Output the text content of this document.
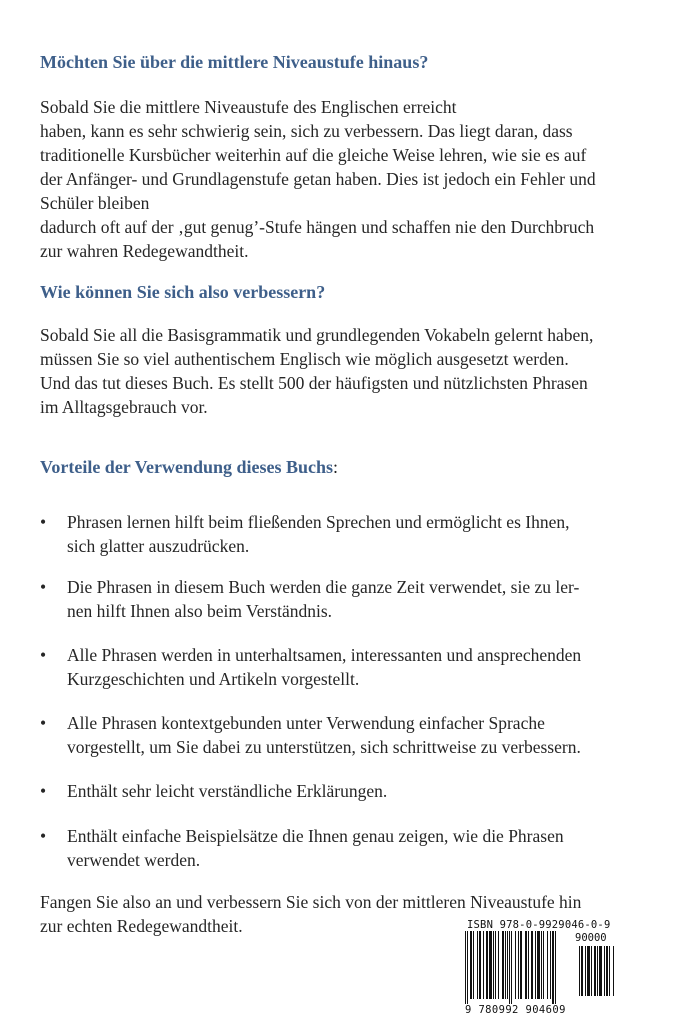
Möchten Sie über die mittlere Niveaustufe hinaus?
Sobald Sie die mittlere Niveaustufe des Englischen erreicht
haben, kann es sehr schwierig sein, sich zu verbessern. Das liegt daran, dass
traditionelle Kursbücher weiterhin auf die gleiche Weise lehren, wie sie es auf
der Anfänger- und Grundlagenstufe getan haben. Dies ist jedoch ein Fehler und
Schüler bleiben
dadurch oft auf der ‚gut genug’-Stufe hängen und schaffen nie den Durchbruch
zur wahren Redegewandtheit.
Wie können Sie sich also verbessern?
Sobald Sie all die Basisgrammatik und grundlegenden Vokabeln gelernt haben,
müssen Sie so viel authentischem Englisch wie möglich ausgesetzt werden.
Und das tut dieses Buch. Es stellt 500 der häufigsten und nützlichsten Phrasen
im Alltagsgebrauch vor.
Vorteile der Verwendung dieses Buchs:
• Phrasen lernen hilft beim fließenden Sprechen und ermöglicht es Ihnen,
sich glatter auszudrücken.
• Die Phrasen in diesem Buch werden die ganze Zeit verwendet, sie zu ler-
nen hilft Ihnen also beim Verständnis.
• Alle Phrasen werden in unterhaltsamen, interessanten und ansprechenden
Kurzgeschichten und Artikeln vorgestellt.
• Alle Phrasen kontextgebunden unter Verwendung einfacher Sprache
vorgestellt, um Sie dabei zu unterstützen, sich schrittweise zu verbessern.
• Enthält sehr leicht verständliche Erklärungen.
• Enthält einfache Beispielsätze die Ihnen genau zeigen, wie die Phrasen
verwendet werden.
Fangen Sie also an und verbessern Sie sich von der mittleren Niveaustufe hin
zur echten Redegewandtheit.	ISBN 978-0-9929046-0-9
90000
9 780992 904609
